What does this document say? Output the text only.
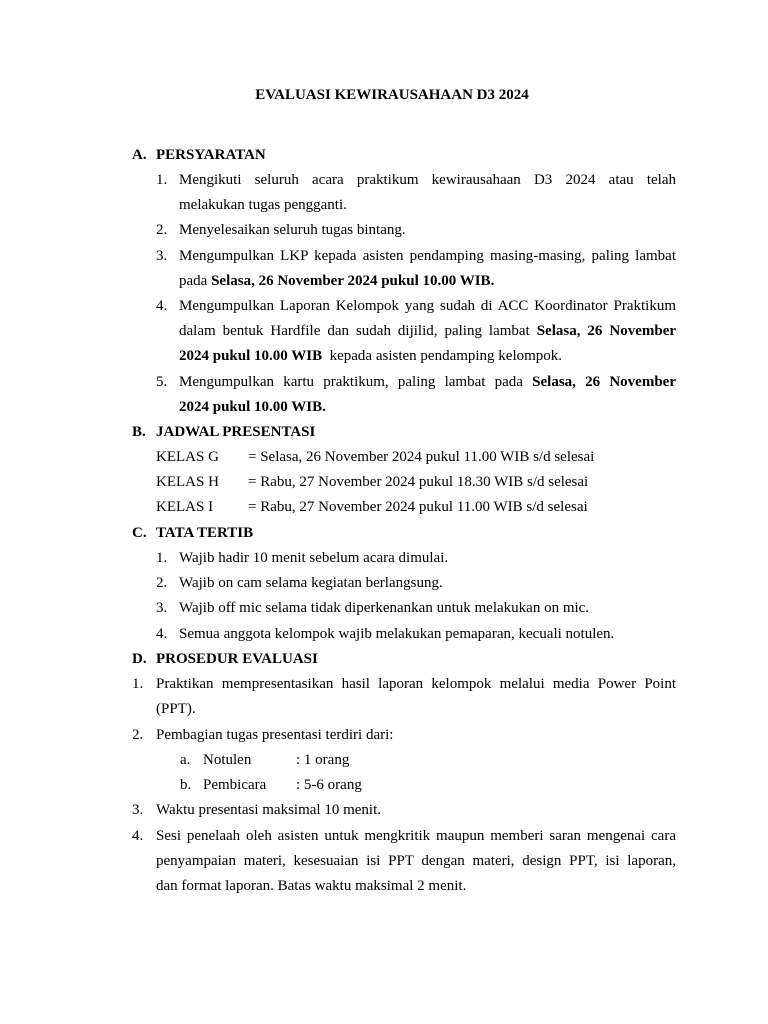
EVALUASI KEWIRAUSAHAAN D3 2024
A. PERSYARATAN
1. Mengikuti seluruh acara praktikum kewirausahaan D3 2024 atau telah
melakukan tugas pengganti.
2. Menyelesaikan seluruh tugas bintang.
3. Mengumpulkan LKP kepada asisten pendamping masing-masing, paling lambat
pada Selasa, 26 November 2024 pukul 10.00 WIB.
4. Mengumpulkan Laporan Kelompok yang sudah di ACC Koordinator Praktikum
dalam bentuk Hardfile dan sudah dijilid, paling lambat Selasa, 26 November
2024 pukul 10.00 WIB  kepada asisten pendamping kelompok.
5. Mengumpulkan kartu praktikum, paling lambat pada Selasa, 26 November
2024 pukul 10.00 WIB.
B. JADWAL PRESENTASI
KELAS G = Selasa, 26 November 2024 pukul 11.00 WIB s/d selesai
KELAS H = Rabu, 27 November 2024 pukul 18.30 WIB s/d selesai
KELAS I = Rabu, 27 November 2024 pukul 11.00 WIB s/d selesai
C. TATA TERTIB
1. Wajib hadir 10 menit sebelum acara dimulai.
2. Wajib on cam selama kegiatan berlangsung.
3. Wajib off mic selama tidak diperkenankan untuk melakukan on mic.
4. Semua anggota kelompok wajib melakukan pemaparan, kecuali notulen.
D. PROSEDUR EVALUASI
1. Praktikan mempresentasikan hasil laporan kelompok melalui media Power Point
(PPT).
2. Pembagian tugas presentasi terdiri dari:
a. Notulen	: 1 orang
b. Pembicara : 5-6 orang
3. Waktu presentasi maksimal 10 menit.
4. Sesi penelaah oleh asisten untuk mengkritik maupun memberi saran mengenai cara
penyampaian materi, kesesuaian isi PPT dengan materi, design PPT, isi laporan,
dan format laporan. Batas waktu maksimal 2 menit.
